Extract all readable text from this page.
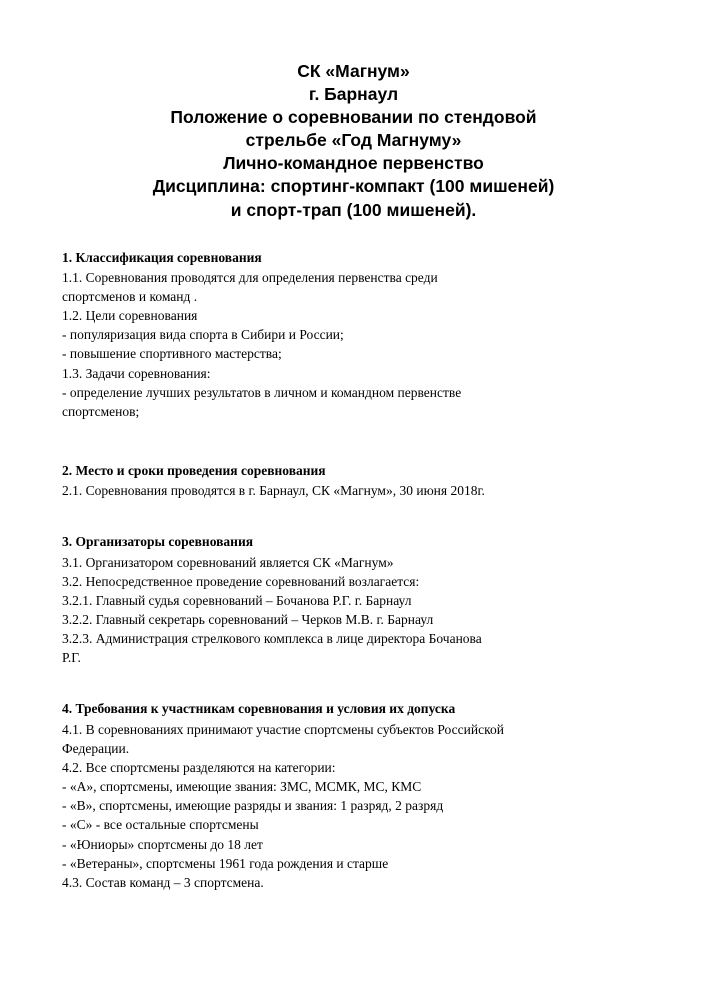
СК «Магнум»
г. Барнаул
Положение о соревновании по стендовой
стрельбе «Год Магнуму»
Лично-командное первенство
Дисциплина: спортинг-компакт (100 мишеней)
и спорт-трап (100 мишеней).

1. Классификация соревнования

1.1. Соревнования проводятся для определения первенства среди

спортсменов и команд .

1.2. Цели соревнования

- популяризация вида спорта в Сибири и России;

- повышение спортивного мастерства;

1.3. Задачи соревнования:

- определение лучших результатов в личном и командном первенстве

спортсменов;

2. Место и сроки проведения соревнования

2.1. Соревнования проводятся в г. Барнаул, СК «Магнум», 30 июня 2018г.

3. Организаторы соревнования

3.1. Организатором соревнований является СК «Магнум»

3.2. Непосредственное проведение соревнований возлагается:

3.2.1. Главный судья соревнований – Бочанова Р.Г. г. Барнаул

3.2.2. Главный секретарь соревнований – Черков М.В. г. Барнаул

3.2.3. Администрация стрелкового комплекса в лице директора Бочанова

Р.Г.

4. Требования к участникам соревнования и условия их допуска

4.1. В соревнованиях принимают участие спортсмены субъектов Российской

Федерации.

4.2. Все спортсмены разделяются на категории:

- «А», спортсмены, имеющие звания: ЗМС, МСМК, МС, КМС

- «В», спортсмены, имеющие разряды и звания: 1 разряд, 2 разряд

- «С» - все остальные спортсмены

- «Юниоры» спортсмены до 18 лет

- «Ветераны», спортсмены 1961 года рождения и старше

4.3. Состав команд – 3 спортсмена.
